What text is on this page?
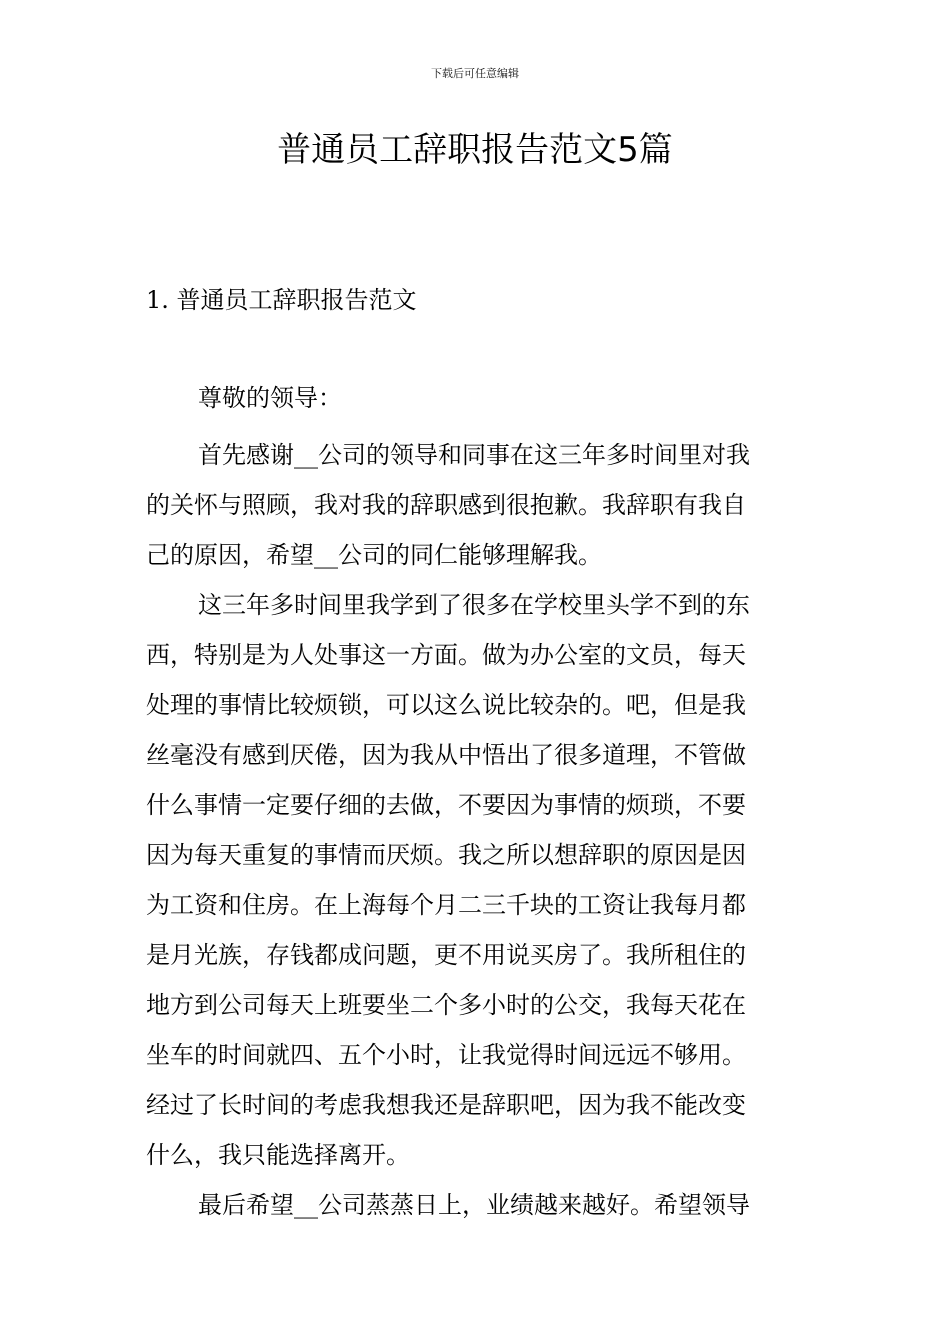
下载后可任意编辑
普通员工辞职报告范文5篇
1. 普通员工辞职报告范文
尊敬的领导：

首先感谢__公司的领导和同事在这三年多时间里对我
的关怀与照顾，我对我的辞职感到很抱歉。我辞职有我自
己的原因，希望__公司的同仁能够理解我。

这三年多时间里我学到了很多在学校里头学不到的东
西，特别是为人处事这一方面。做为办公室的文员，每天
处理的事情比较烦锁，可以这么说比较杂的。吧，但是我
丝毫没有感到厌倦，因为我从中悟出了很多道理，不管做
什么事情一定要仔细的去做，不要因为事情的烦琐，不要
因为每天重复的事情而厌烦。我之所以想辞职的原因是因
为工资和住房。在上海每个月二三千块的工资让我每月都
是月光族，存钱都成问题，更不用说买房了。我所租住的
地方到公司每天上班要坐二个多小时的公交，我每天花在
坐车的时间就四、五个小时，让我觉得时间远远不够用。
经过了长时间的考虑我想我还是辞职吧，因为我不能改变
什么，我只能选择离开。

最后希望__公司蒸蒸日上，业绩越来越好。希望领导
